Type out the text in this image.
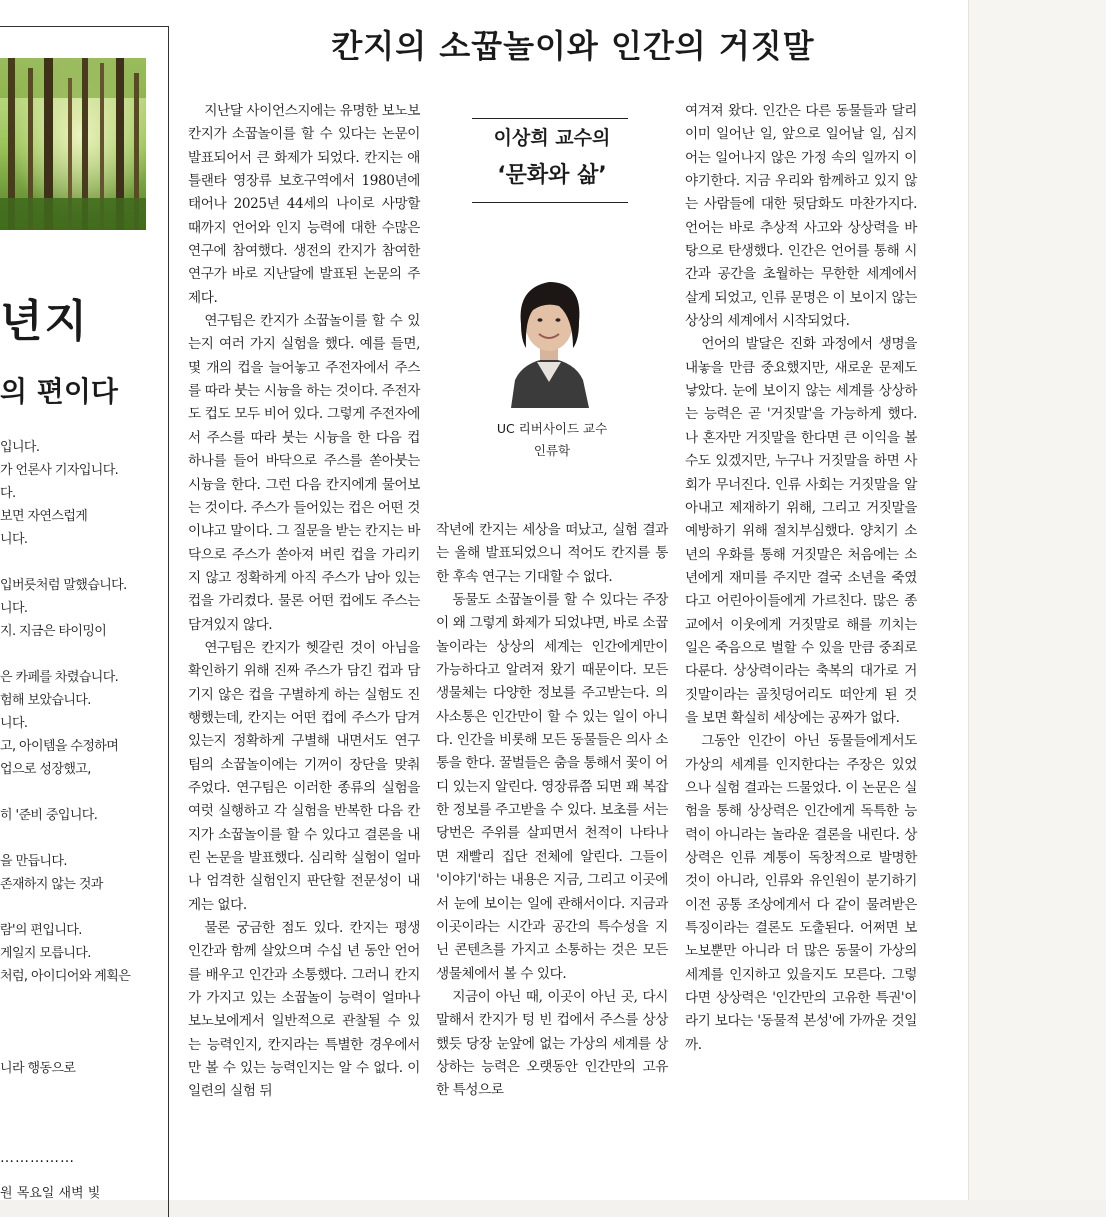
년지
의 편이다
입니다.
가 언론사 기자입니다.
다.
보면 자연스럽게
니다.
입버릇처럼 말했습니다.
니다.
지. 지금은 타이밍이
은 카페를 차렸습니다.
험해 보았습니다.
니다.
고, 아이템을 수정하며
업으로 성장했고,
히 '준비 중입니다.
을 만듭니다.
존재하지 않는 것과
람'의 편입니다.
게일지 모릅니다.
처럼, 아이디어와 계획은
니라 행동으로
……………
원 목요일 새벽 빛
칸지의 소꿉놀이와 인간의 거짓말

지난달 사이언스지에는 유명한 보노보 칸지가 소꿉놀이를 할 수 있다는 논문이 발표되어서 큰 화제가 되었다. 칸지는 애틀랜타 영장류 보호구역에서 1980년에 태어나 2025년 44세의 나이로 사망할 때까지 언어와 인지 능력에 대한 수많은 연구에 참여했다. 생전의 칸지가 참여한 연구가 바로 지난달에 발표된 논문의 주제다.

연구팀은 칸지가 소꿉놀이를 할 수 있는지 여러 가지 실험을 했다. 예를 들면, 몇 개의 컵을 늘어놓고 주전자에서 주스를 따라 붓는 시늉을 하는 것이다. 주전자도 컵도 모두 비어 있다. 그렇게 주전자에서 주스를 따라 붓는 시늉을 한 다음 컵 하나를 들어 바닥으로 주스를 쏟아붓는 시늉을 한다. 그런 다음 칸지에게 물어보는 것이다. 주스가 들어있는 컵은 어떤 것이냐고 말이다. 그 질문을 받는 칸지는 바닥으로 주스가 쏟아져 버린 컵을 가리키지 않고 정확하게 아직 주스가 남아 있는 컵을 가리켰다. 물론 어떤 컵에도 주스는 담겨있지 않다.

연구팀은 칸지가 헷갈린 것이 아님을 확인하기 위해 진짜 주스가 담긴 컵과 담기지 않은 컵을 구별하게 하는 실험도 진행했는데, 칸지는 어떤 컵에 주스가 담겨있는지 정확하게 구별해 내면서도 연구팀의 소꿉놀이에는 기꺼이 장단을 맞춰주었다. 연구팀은 이러한 종류의 실험을 여럿 실행하고 각 실험을 반복한 다음 칸지가 소꿉놀이를 할 수 있다고 결론을 내린 논문을 발표했다. 심리학 실험이 얼마나 엄격한 실험인지 판단할 전문성이 내게는 없다.

물론 궁금한 점도 있다. 칸지는 평생 인간과 함께 살았으며 수십 년 동안 언어를 배우고 인간과 소통했다. 그러니 칸지가 가지고 있는 소꿉놀이 능력이 얼마나 보노보에게서 일반적으로 관찰될 수 있는 능력인지, 칸지라는 특별한 경우에서만 볼 수 있는 능력인지는 알 수 없다. 이 일련의 실험 뒤

이상희 교수의
‘문화와 삶’
UC 리버사이드 교수
인류학

작년에 칸지는 세상을 떠났고, 실험 결과는 올해 발표되었으니 적어도 칸지를 통한 후속 연구는 기대할 수 없다.

동물도 소꿉놀이를 할 수 있다는 주장이 왜 그렇게 화제가 되었냐면, 바로 소꿉놀이라는 상상의 세계는 인간에게만이 가능하다고 알려져 왔기 때문이다. 모든 생물체는 다양한 정보를 주고받는다. 의사소통은 인간만이 할 수 있는 일이 아니다. 인간을 비롯해 모든 동물들은 의사 소통을 한다. 꿀벌들은 춤을 통해서 꽃이 어디 있는지 알린다. 영장류쯤 되면 꽤 복잡한 정보를 주고받을 수 있다. 보초를 서는 당번은 주위를 살피면서 천적이 나타나면 재빨리 집단 전체에 알린다. 그들이 '이야기'하는 내용은 지금, 그리고 이곳에서 눈에 보이는 일에 관해서이다. 지금과 이곳이라는 시간과 공간의 특수성을 지닌 콘텐츠를 가지고 소통하는 것은 모든 생물체에서 볼 수 있다.

지금이 아닌 때, 이곳이 아닌 곳, 다시 말해서 칸지가 텅 빈 컵에서 주스를 상상했듯 당장 눈앞에 없는 가상의 세계를 상상하는 능력은 오랫동안 인간만의 고유한 특성으로

여겨져 왔다. 인간은 다른 동물들과 달리 이미 일어난 일, 앞으로 일어날 일, 심지어는 일어나지 않은 가정 속의 일까지 이야기한다. 지금 우리와 함께하고 있지 않는 사람들에 대한 뒷담화도 마찬가지다. 언어는 바로 추상적 사고와 상상력을 바탕으로 탄생했다. 인간은 언어를 통해 시간과 공간을 초월하는 무한한 세계에서 살게 되었고, 인류 문명은 이 보이지 않는 상상의 세계에서 시작되었다.

언어의 발달은 진화 과정에서 생명을 내놓을 만큼 중요했지만, 새로운 문제도 낳았다. 눈에 보이지 않는 세계를 상상하는 능력은 곧 '거짓말'을 가능하게 했다. 나 혼자만 거짓말을 한다면 큰 이익을 볼 수도 있겠지만, 누구나 거짓말을 하면 사회가 무너진다. 인류 사회는 거짓말을 알아내고 제재하기 위해, 그리고 거짓말을 예방하기 위해 절치부심했다. 양치기 소년의 우화를 통해 거짓말은 처음에는 소년에게 재미를 주지만 결국 소년을 죽였다고 어린아이들에게 가르친다. 많은 종교에서 이웃에게 거짓말로 해를 끼치는 일은 죽음으로 벌할 수 있을 만큼 중죄로 다룬다. 상상력이라는 축복의 대가로 거짓말이라는 골칫덩어리도 떠안게 된 것을 보면 확실히 세상에는 공짜가 없다.

그동안 인간이 아닌 동물들에게서도 가상의 세계를 인지한다는 주장은 있었으나 실험 결과는 드물었다. 이 논문은 실험을 통해 상상력은 인간에게 독특한 능력이 아니라는 놀라운 결론을 내린다. 상상력은 인류 계통이 독창적으로 발명한 것이 아니라, 인류와 유인원이 분기하기 이전 공통 조상에게서 다 같이 물려받은 특징이라는 결론도 도출된다. 어쩌면 보노보뿐만 아니라 더 많은 동물이 가상의 세계를 인지하고 있을지도 모른다. 그렇다면 상상력은 '인간만의 고유한 특권'이라기 보다는 '동물적 본성'에 가까운 것일까.
